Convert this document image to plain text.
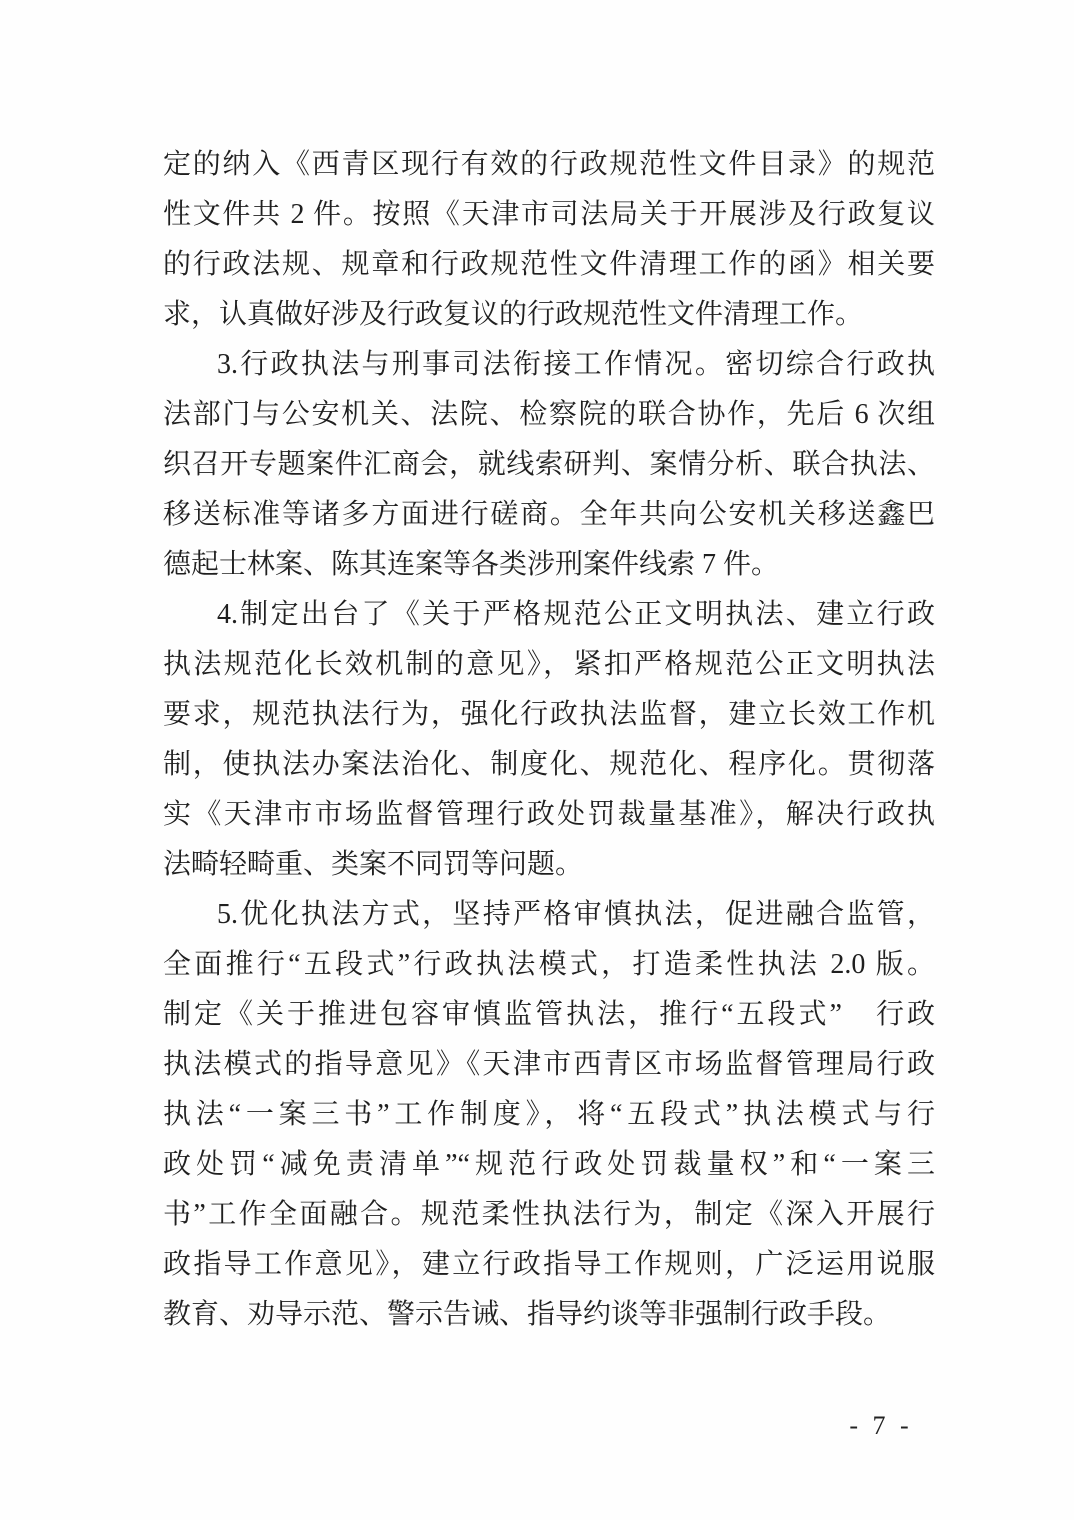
定的纳入《西青区现行有效的行政规范性文件目录》的规范
性文件共 2 件。按照《天津市司法局关于开展涉及行政复议
的行政法规、规章和行政规范性文件清理工作的函》相关要
求，认真做好涉及行政复议的行政规范性文件清理工作。
3.行政执法与刑事司法衔接工作情况。密切综合行政执
法部门与公安机关、法院、检察院的联合协作，先后 6 次组
织召开专题案件汇商会，就线索研判、案情分析、联合执法、
移送标准等诸多方面进行磋商。全年共向公安机关移送鑫巴
德起士林案、陈其连案等各类涉刑案件线索 7 件。
4.制定出台了《关于严格规范公正文明执法、建立行政
执法规范化长效机制的意见》，紧扣严格规范公正文明执法
要求，规范执法行为，强化行政执法监督，建立长效工作机
制，使执法办案法治化、制度化、规范化、程序化。贯彻落
实《天津市市场监督管理行政处罚裁量基准》，解决行政执
法畸轻畸重、类案不同罚等问题。
5.优化执法方式，坚持严格审慎执法，促进融合监管，
全面推行“五段式”行政执法模式，打造柔性执法 2.0 版。
制定《关于推进包容审慎监管执法，推行“五段式”　行政
执法模式的指导意见》《天津市西青区市场监督管理局行政
执法“一案三书”工作制度》，将“五段式”执法模式与行
政处罚“减免责清单”“规范行政处罚裁量权”和“一案三
书”工作全面融合。规范柔性执法行为，制定《深入开展行
政指导工作意见》，建立行政指导工作规则，广泛运用说服
教育、劝导示范、警示告诫、指导约谈等非强制行政手段。
- 7 -
